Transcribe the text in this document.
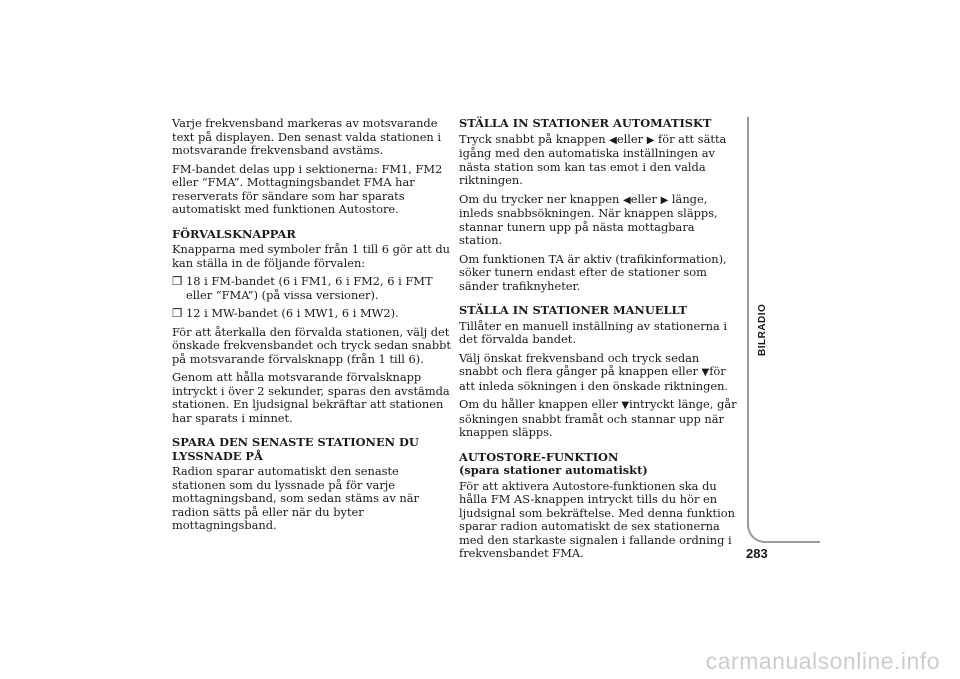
Varje frekvensband markeras av motsvarande text på displayen. Den senast valda stationen i motsvarande frekvensband avstäms.

FM-bandet delas upp i sektionerna: FM1, FM2 eller “FMA”. Mottagningsbandet FMA har reserverats för sändare som har sparats automatiskt med funktionen Autostore.

FÖRVALSKNAPPAR

Knapparna med symboler från 1 till 6 gör att du kan ställa in de följande förvalen:

❒ 18 i FM-bandet (6 i FM1, 6 i FM2, 6 i FMT eller “FMA”) (på vissa versioner).
❒ 12 i MW-bandet (6 i MW1, 6 i MW2).

För att återkalla den förvalda stationen, välj det önskade frekvensbandet och tryck sedan snabbt på motsvarande förvalsknapp (från 1 till 6).

Genom att hålla motsvarande förvalsknapp intryckt i över 2 sekunder, sparas den avstämda stationen. En ljudsignal bekräftar att stationen har sparats i minnet.

SPARA DEN SENASTE STATIONEN DU LYSSNADE PÅ

Radion sparar automatiskt den senaste stationen som du lyssnade på för varje mottagningsband, som sedan stäms av när radion sätts på eller när du byter mottagningsband.

STÄLLA IN STATIONER AUTOMATISKT

Tryck snabbt på knappen ◀eller ▶ för att sätta igång med den automatiska inställningen av nästa station som kan tas emot i den valda riktningen.

Om du trycker ner knappen ◀eller ▶ länge, inleds snabbsökningen. När knappen släpps, stannar tunern upp på nästa mottagbara station.

Om funktionen TA är aktiv (trafikinformation), söker tunern endast efter de stationer som sänder trafiknyheter.

STÄLLA IN STATIONER MANUELLT

Tillåter en manuell inställning av stationerna i det förvalda bandet.

Välj önskat frekvensband och tryck sedan snabbt och flera gånger på knappen eller ▼för att inleda sökningen i den önskade riktningen.

Om du håller knappen eller ▼intryckt länge, går sökningen snabbt framåt och stannar upp när knappen släpps.

AUTOSTORE-FUNKTION
(spara stationer automatiskt)

För att aktivera Autostore-funktionen ska du hålla FM AS-knappen intryckt tills du hör en ljudsignal som bekräftelse. Med denna funktion sparar radion automatiskt de sex stationerna med den starkaste signalen i fallande ordning i frekvensbandet FMA.

BILRADIO
283
carmanualsonline.info
